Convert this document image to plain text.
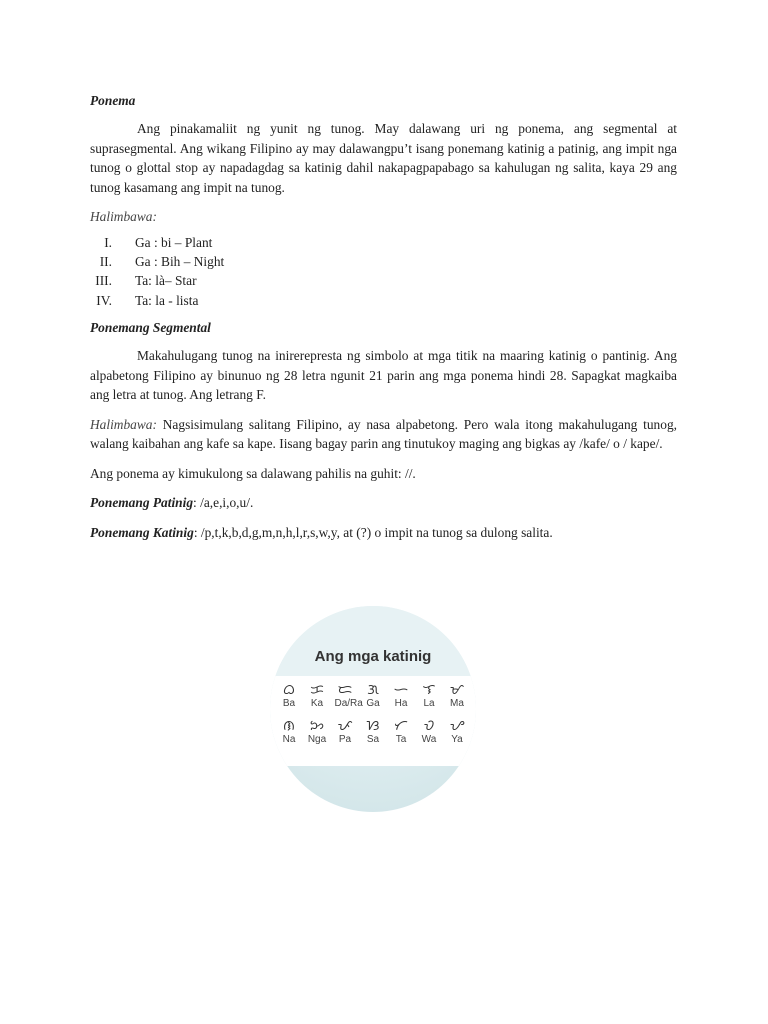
Ponema

Ang pinakamaliit ng yunit ng tunog. May dalawang uri ng ponema, ang segmental at suprasegmental. Ang wikang Filipino ay may dalawangpu’t isang ponemang katinig a patinig, ang impit nga tunog o glottal stop ay napadagdag sa katinig dahil nakapagpapabago sa kahulugan ng salita, kaya 29 ang tunog kasamang ang impit na tunog.

Halimbawa:

I. Ga : bi – Plant
II. Ga : Bih – Night
III. Ta: là– Star
IV. Ta: la - lista
Ponemang Segmental

Makahulugang tunog na inirerepresta ng simbolo at mga titik na maaring katinig o pantinig. Ang alpabetong Filipino ay binunuo ng 28 letra ngunit 21 parin ang mga ponema hindi 28. Sapagkat magkaiba ang letra at tunog. Ang letrang F.

Halimbawa: Nagsisimulang salitang Filipino, ay nasa alpabetong. Pero wala itong makahulugang tunog, walang kaibahan ang kafe sa kape. Iisang bagay parin ang tinutukoy maging ang bigkas ay /kafe/ o / kape/.

Ang ponema ay kimukulong sa dalawang pahilis na guhit: //.

Ponemang Patinig: /a,e,i,o,u/.

Ponemang Katinig: /p,t,k,b,d,g,m,n,h,l,r,s,w,y, at (?) o impit na tunog sa dulong salita.

Ang mga katinig
ᜊ
Ba
ᜃ
Ka
ᜇ
Da/Ra
ᜄ
Ga
ᜑ
Ha
ᜎ
La
ᜋ
Ma
ᜈ
Na
ᜅ
Nga
ᜉ
Pa
ᜐ
Sa
ᜆ
Ta
ᜏ
Wa
ᜌ
Ya
